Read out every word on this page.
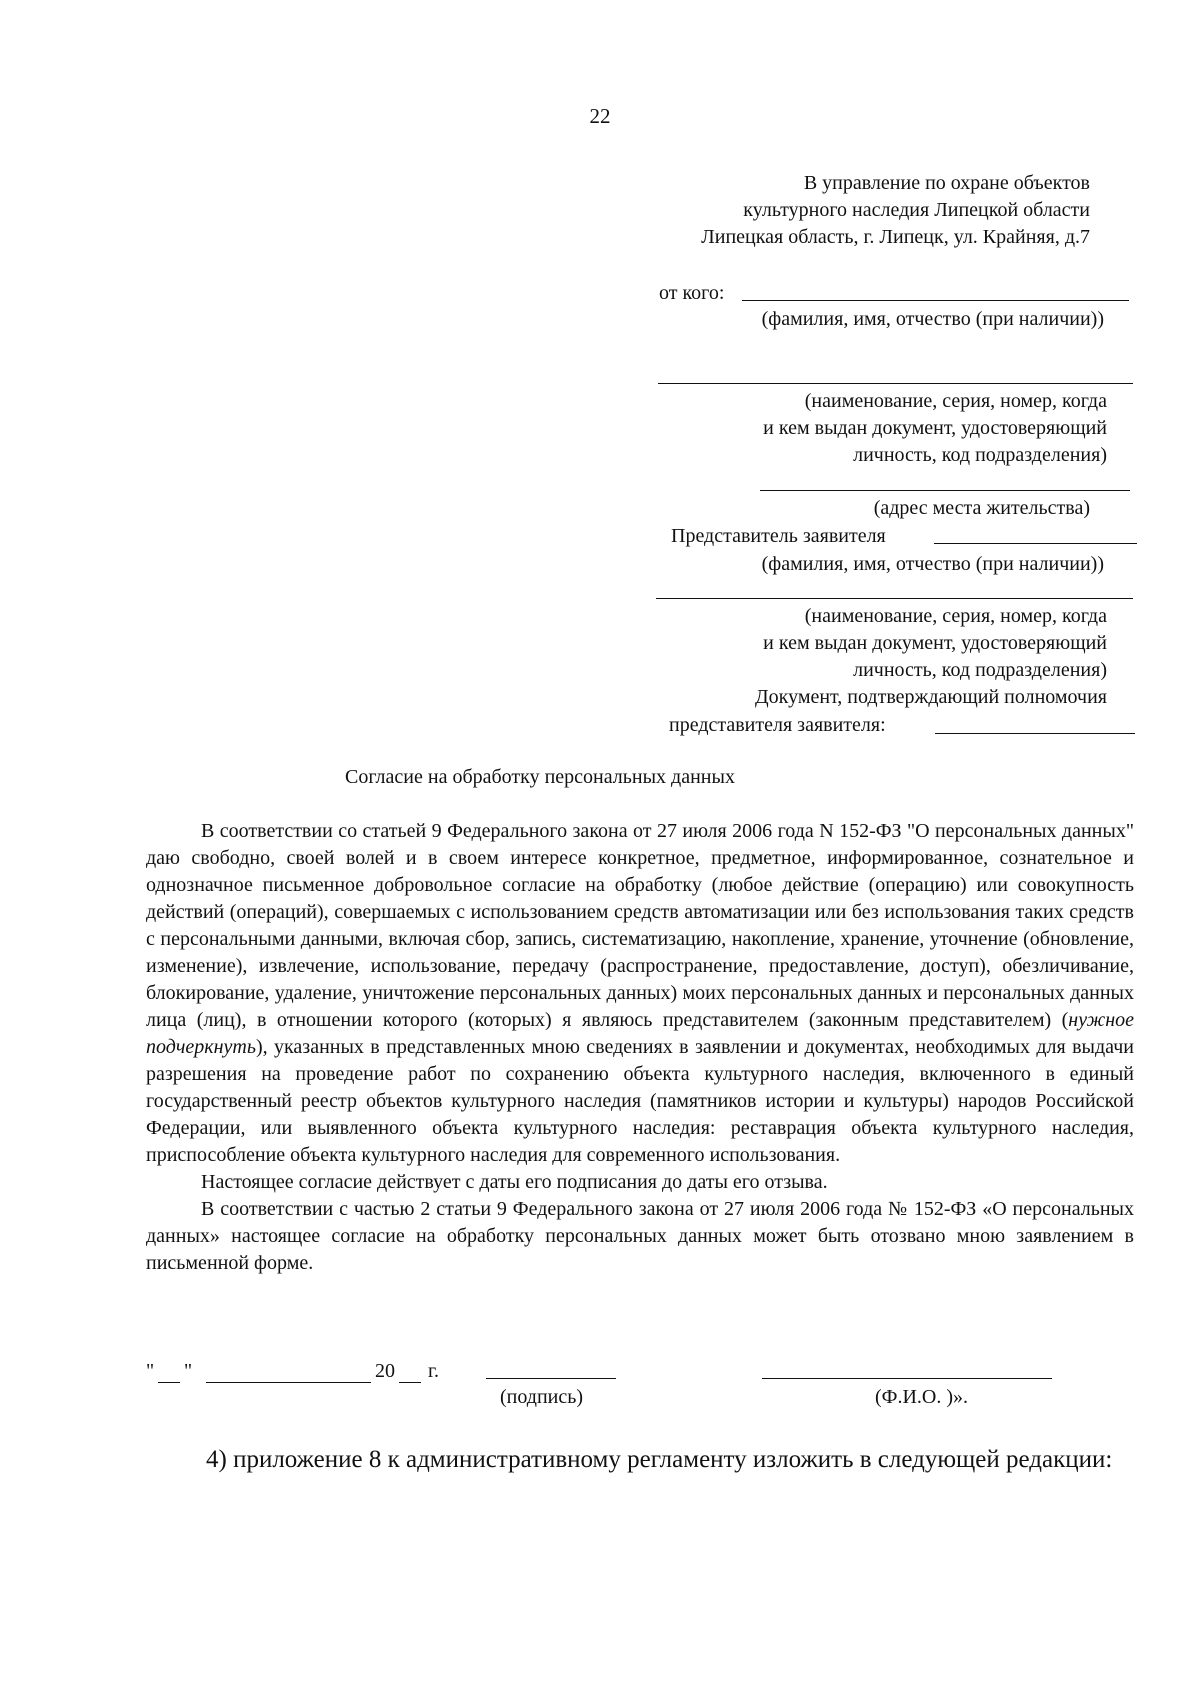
22
В управление по охране объектов
культурного наследия Липецкой области
Липецкая область, г. Липецк, ул. Крайняя, д.7
от кого:
(фамилия, имя, отчество (при наличии))
(наименование, серия, номер, когда
и кем выдан документ, удостоверяющий
личность, код подразделения)
(адрес места жительства)
Представитель заявителя
(фамилия, имя, отчество (при наличии))
(наименование, серия, номер, когда
и кем выдан документ, удостоверяющий
личность, код подразделения)
Документ, подтверждающий полномочия
представителя заявителя:
Согласие на обработку персональных данных

В соответствии со статьей 9 Федерального закона от 27 июля 2006 года N 152-ФЗ "О персональных данных" даю свободно, своей волей и в своем интересе конкретное, предметное, информированное, сознательное и однозначное письменное добровольное согласие на обработку (любое действие (операцию) или совокупность действий (операций), совершаемых с использованием средств автоматизации или без использования таких средств с персональными данными, включая сбор, запись, систематизацию, накопление, хранение, уточнение (обновление, изменение), извлечение, использование, передачу (распространение, предоставление, доступ), обезличивание, блокирование, удаление, уничтожение персональных данных) моих персональных данных и персональных данных лица (лиц), в отношении которого (которых) я являюсь представителем (законным представителем) (нужное подчеркнуть), указанных в представленных мною сведениях в заявлении и документах, необходимых для выдачи разрешения на проведение работ по сохранению объекта культурного наследия, включенного в единый государственный реестр объектов культурного наследия (памятников истории и культуры) народов Российской Федерации, или выявленного объекта культурного наследия: реставрация объекта культурного наследия, приспособление объекта культурного наследия для современного использования.

Настоящее согласие действует с даты его подписания до даты его отзыва.

В соответствии с частью 2 статьи 9 Федерального закона от 27 июля 2006 года № 152-ФЗ «О персональных данных» настоящее согласие на обработку персональных данных может быть отозвано мною заявлением в письменной форме.

" "	20 г.
(подпись)	(Ф.И.О. )».

4) приложение 8 к административному регламенту изложить в следующей редакции:
